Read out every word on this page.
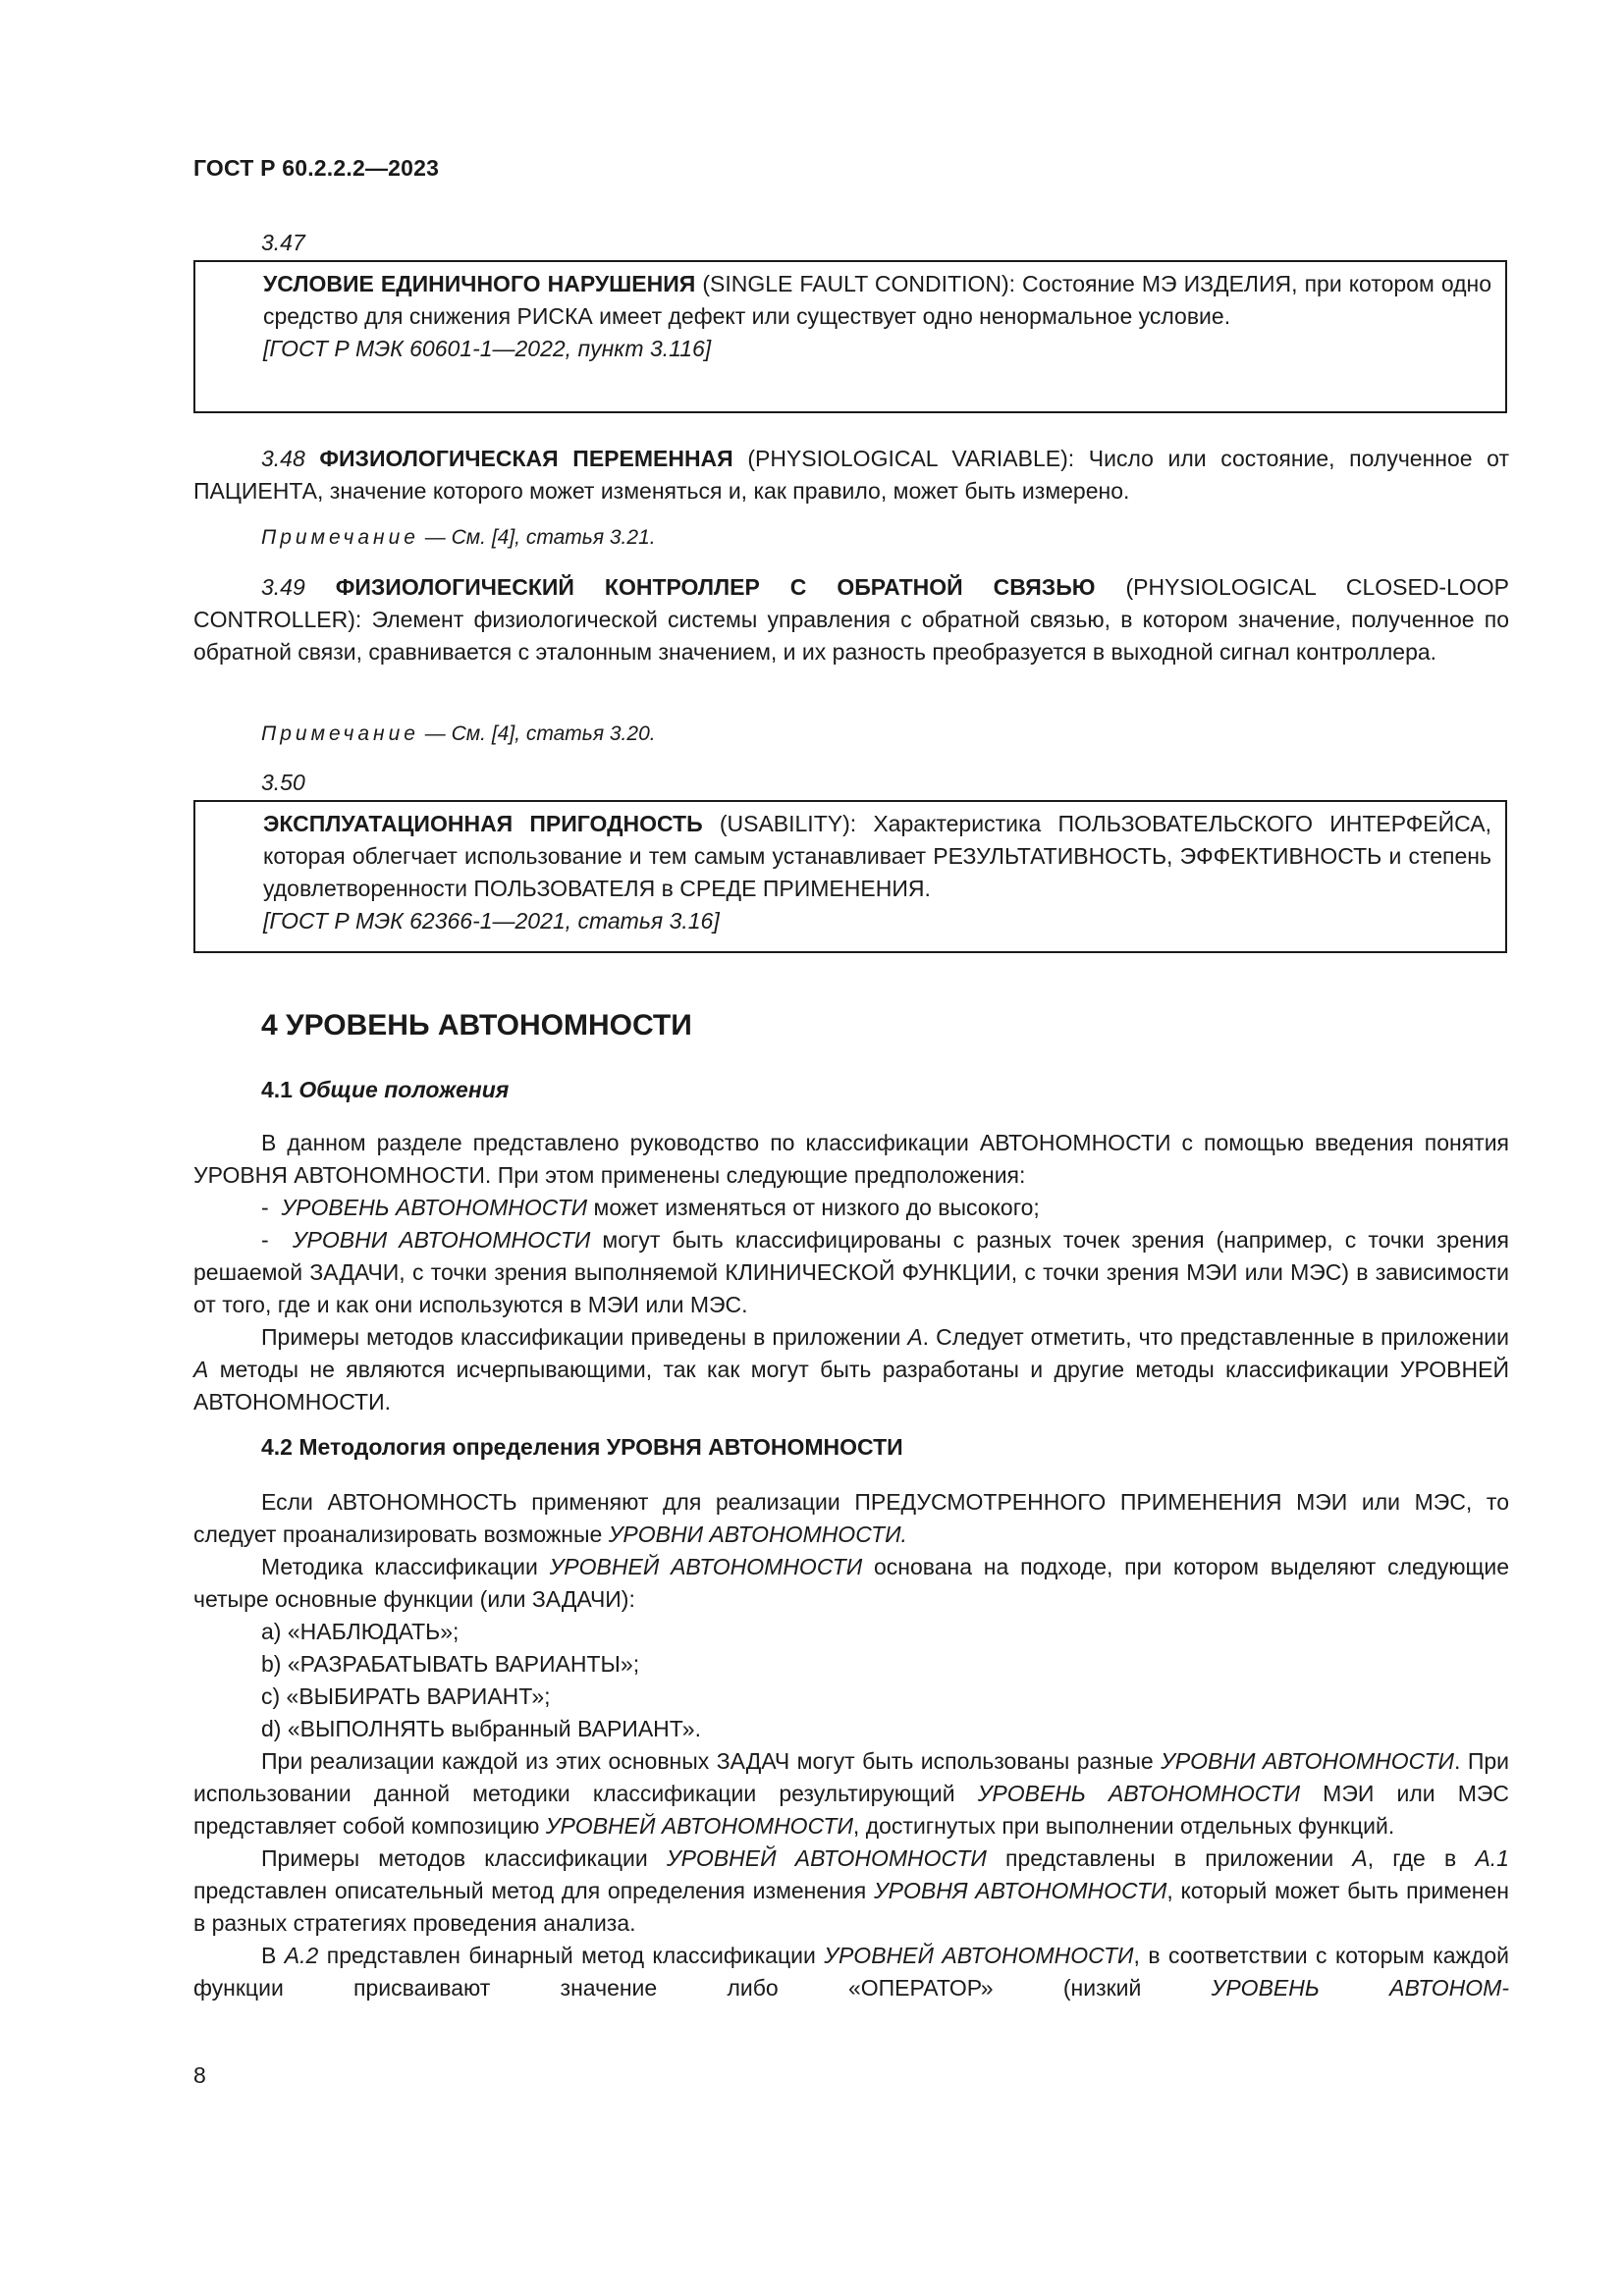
ГОСТ Р 60.2.2.2—2023

3.47

УСЛОВИЕ ЕДИНИЧНОГО НАРУШЕНИЯ (SINGLE FAULT CONDITION): Состояние МЭ ИЗДЕЛИЯ, при котором одно средство для снижения РИСКА имеет дефект или существует одно ненормальное условие.

[ГОСТ Р МЭК 60601-1—2022, пункт 3.116]

3.48 ФИЗИОЛОГИЧЕСКАЯ ПЕРЕМЕННАЯ (PHYSIOLOGICAL VARIABLE): Число или состояние, полученное от ПАЦИЕНТА, значение которого может изменяться и, как правило, может быть измерено.

Примечание — См. [4], статья 3.21.

3.49 ФИЗИОЛОГИЧЕСКИЙ КОНТРОЛЛЕР С ОБРАТНОЙ СВЯЗЬЮ (PHYSIOLOGICAL CLOSED-LOOP CONTROLLER): Элемент физиологической системы управления с обратной связью, в котором значение, полученное по обратной связи, сравнивается с эталонным значением, и их разность преобразуется в выходной сигнал контроллера.

Примечание — См. [4], статья 3.20.

3.50

ЭКСПЛУАТАЦИОННАЯ ПРИГОДНОСТЬ (USABILITY): Характеристика ПОЛЬЗОВАТЕЛЬСКОГО ИНТЕРФЕЙСА, которая облегчает использование и тем самым устанавливает РЕЗУЛЬТАТИВНОСТЬ, ЭФФЕКТИВНОСТЬ и степень удовлетворенности ПОЛЬЗОВАТЕЛЯ в СРЕДЕ ПРИМЕНЕНИЯ.

[ГОСТ Р МЭК 62366-1—2021, статья 3.16]

4 УРОВЕНЬ АВТОНОМНОСТИ
4.1 Общие положения

В данном разделе представлено руководство по классификации АВТОНОМНОСТИ с помощью введения понятия УРОВНЯ АВТОНОМНОСТИ. При этом применены следующие предположения:

-  УРОВЕНЬ АВТОНОМНОСТИ может изменяться от низкого до высокого;

-  УРОВНИ АВТОНОМНОСТИ могут быть классифицированы с разных точек зрения (например, с точки зрения решаемой ЗАДАЧИ, с точки зрения выполняемой КЛИНИЧЕСКОЙ ФУНКЦИИ, с точки зрения МЭИ или МЭС) в зависимости от того, где и как они используются в МЭИ или МЭС.

Примеры методов классификации приведены в приложении A. Следует отметить, что представленные в приложении A методы не являются исчерпывающими, так как могут быть разработаны и другие методы классификации УРОВНЕЙ АВТОНОМНОСТИ.

4.2 Методология определения УРОВНЯ АВТОНОМНОСТИ

Если АВТОНОМНОСТЬ применяют для реализации ПРЕДУСМОТРЕННОГО ПРИМЕНЕНИЯ МЭИ или МЭС, то следует проанализировать возможные УРОВНИ АВТОНОМНОСТИ.

Методика классификации УРОВНЕЙ АВТОНОМНОСТИ основана на подходе, при котором выделяют следующие четыре основные функции (или ЗАДАЧИ):

a) «НАБЛЮДАТЬ»;

b) «РАЗРАБАТЫВАТЬ ВАРИАНТЫ»;

c) «ВЫБИРАТЬ ВАРИАНТ»;

d) «ВЫПОЛНЯТЬ выбранный ВАРИАНТ».

При реализации каждой из этих основных ЗАДАЧ могут быть использованы разные УРОВНИ АВТОНОМНОСТИ. При использовании данной методики классификации результирующий УРОВЕНЬ АВТОНОМНОСТИ МЭИ или МЭС представляет собой композицию УРОВНЕЙ АВТОНОМНОСТИ, достигнутых при выполнении отдельных функций.

Примеры методов классификации УРОВНЕЙ АВТОНОМНОСТИ представлены в приложении A, где в A.1 представлен описательный метод для определения изменения УРОВНЯ АВТОНОМНОСТИ, который может быть применен в разных стратегиях проведения анализа.

В A.2 представлен бинарный метод классификации УРОВНЕЙ АВТОНОМНОСТИ, в соответствии с которым каждой функции присваивают значение либо «ОПЕРАТОР» (низкий УРОВЕНЬ АВТОНОМ-

8
